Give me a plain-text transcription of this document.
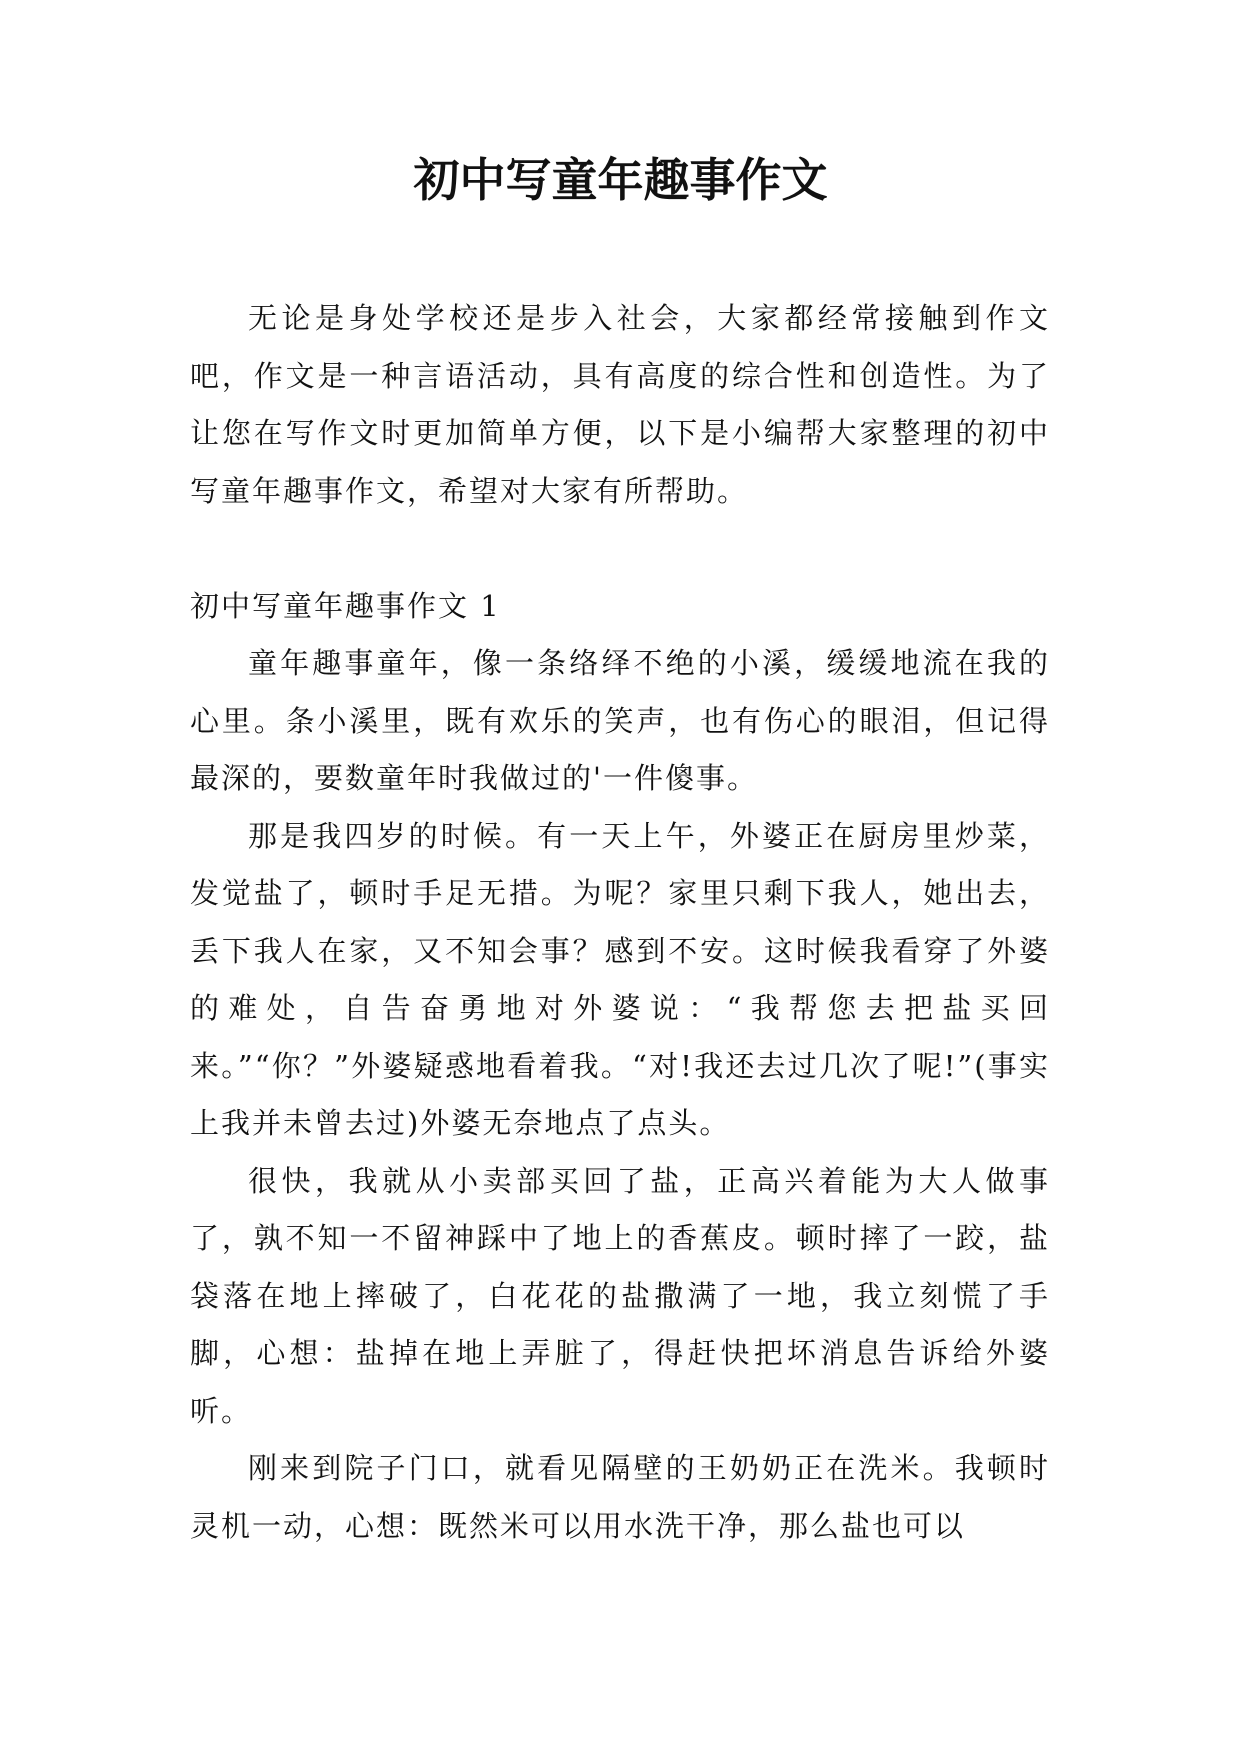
初中写童年趣事作文

无论是身处学校还是步入社会，大家都经常接触到作文吧，作文是一种言语活动，具有高度的综合性和创造性。为了让您在写作文时更加简单方便，以下是小编帮大家整理的初中写童年趣事作文，希望对大家有所帮助。

初中写童年趣事作文 1

童年趣事童年，像一条络绎不绝的小溪，缓缓地流在我的心里。条小溪里，既有欢乐的笑声，也有伤心的眼泪，但记得最深的，要数童年时我做过的'一件傻事。

那是我四岁的时候。有一天上午，外婆正在厨房里炒菜，发觉盐了，顿时手足无措。为呢？家里只剩下我人，她出去，丢下我人在家，又不知会事？感到不安。这时候我看穿了外婆的难处，自告奋勇地对外婆说：“我帮您去把盐买回来。”“你？”外婆疑惑地看着我。“对!我还去过几次了呢!”(事实上我并未曾去过)外婆无奈地点了点头。

很快，我就从小卖部买回了盐，正高兴着能为大人做事了，孰不知一不留神踩中了地上的香蕉皮。顿时摔了一跤，盐袋落在地上摔破了，白花花的盐撒满了一地，我立刻慌了手脚，心想：盐掉在地上弄脏了，得赶快把坏消息告诉给外婆听。

刚来到院子门口，就看见隔壁的王奶奶正在洗米。我顿时灵机一动，心想：既然米可以用水洗干净，那么盐也可以
